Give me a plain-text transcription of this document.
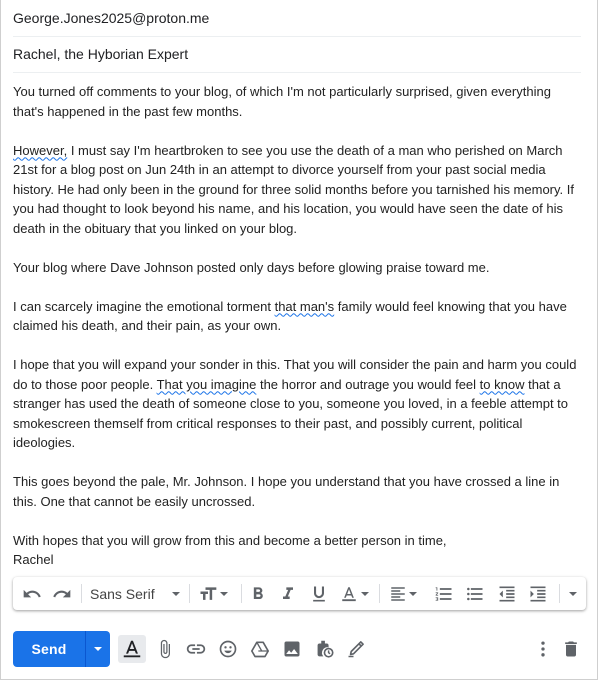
George.Jones2025@proton.me
Rachel, the Hyborian Expert

You turned off comments to your blog, of which I'm not particularly surprised, given everything that's happened in the past few months.

However, I must say I'm heartbroken to see you use the death of a man who perished on March 21st for a blog post on Jun 24th in an attempt to divorce yourself from your past social media history. He had only been in the ground for three solid months before you tarnished his memory. If you had thought to look beyond his name, and his location, you would have seen the date of his death in the obituary that you linked on your blog.

Your blog where Dave Johnson posted only days before glowing praise toward me.

I can scarcely imagine the emotional torment that man's family would feel knowing that you have claimed his death, and their pain, as your own.

I hope that you will expand your sonder in this. That you will consider the pain and harm you could do to those poor people. That you imagine the horror and outrage you would feel to know that a stranger has used the death of someone close to you, someone you loved, in a feeble attempt to smokescreen themself from critical responses to their past, and possibly current, political ideologies.

This goes beyond the pale, Mr. Johnson. I hope you understand that you have crossed a line in this. One that cannot be easily uncrossed.

With hopes that you will grow from this and become a better person in time,

Rachel

Sans Serif
Send
